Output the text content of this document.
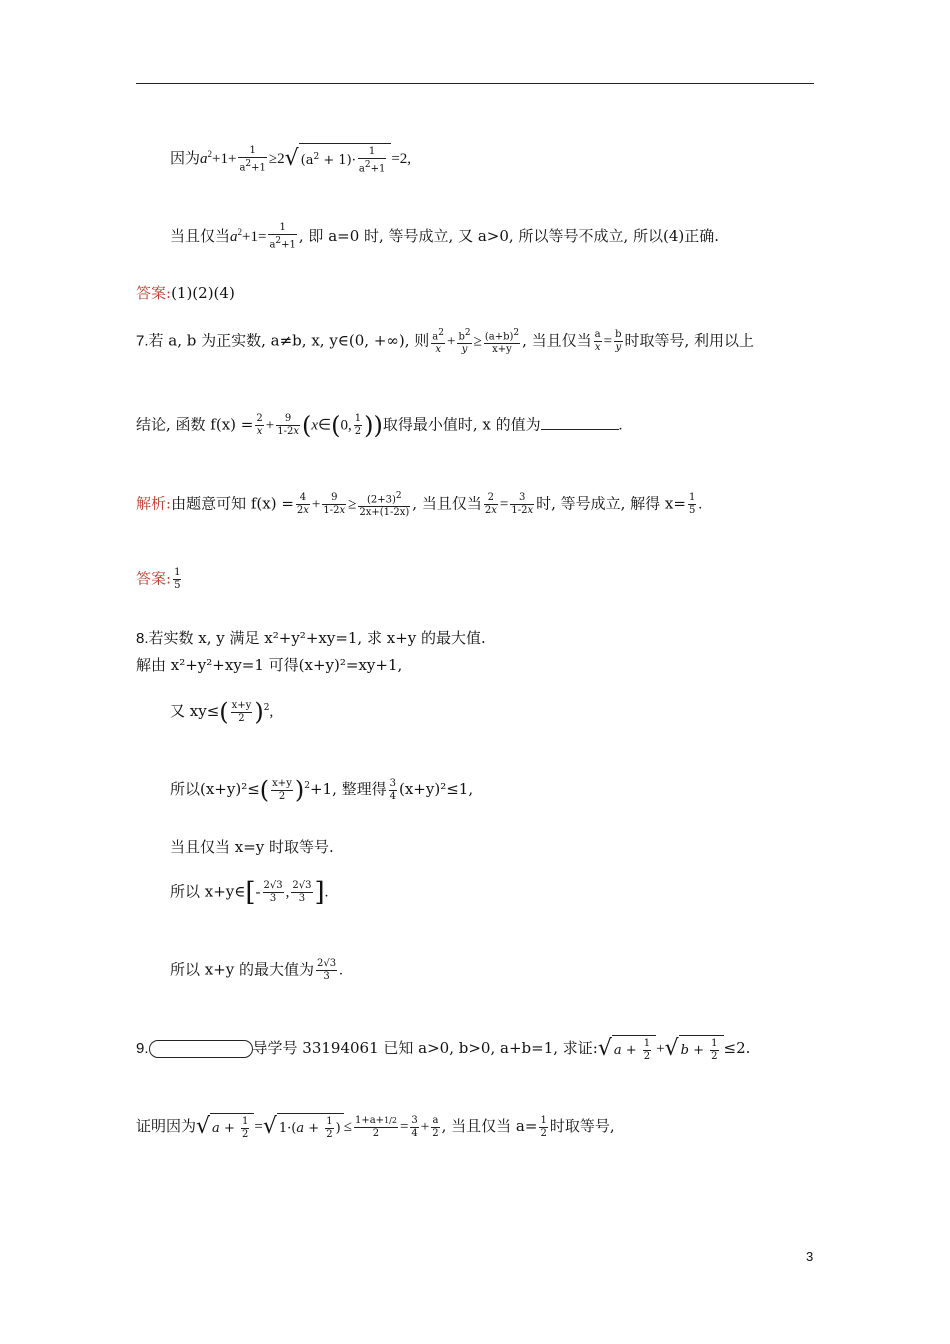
因为$a^2+1+ \frac{1}{a^2+1} \ge 2√$ $(a^2 + 1)\cdot \frac{1}{a^2+1} =2$,
当且仅当$a^2+1= \frac{1}{a^2+1}$ , 即 a=0 时, 等号成立, 又 a>0, 所以等号不成立, 所以(4)正确.
答案:(1)(2)(4)
7.若 a, b 为正实数, a≠b, x, y∈(0, +∞), 则 $\frac{a^2}{x} + \frac{b^2}{y} \ge \frac{(a+b)^2}{x+y}$ , 当且仅当 $\frac{a}{x} = \frac{b}{y}$ 时取等号, 利用以上
结论, 函数 $f(x) = \frac{2}{x} + \frac{9}{1-2x}$ (x∈(0, $\frac{1}{2}$ ))取得最小值时, x 的值为	.
解析:由题意可知 $f(x) = \frac{4}{2x} + \frac{9}{1-2x} \ge \frac{(2+3)^2}{2x+(1-2x)}$ , 当且仅当 $\frac{2}{2x} = \frac{3}{1-2x}$ 时, 等号成立, 解得 $x= \frac{1}{5}$ .
答案: $\frac{1}{5}$
8.若实数 x, y 满足 x²+y²+xy=1, 求 x+y 的最大值.
解由 x²+y²+xy=1 可得(x+y)²=xy+1,
又 $xy\le( \frac{x+y}{2} )^2$,
所以$(x+y)^2\le( \frac{x+y}{2} )^2+1$, 整理得 $\frac{3}{4} (x+y)^2\le 1$,
当且仅当 x=y 时取等号.
所以 x+y∈[- $\frac{2√3}{3}$ , $\frac{2√3}{3}$ ].
所以 x+y 的最大值为 $\frac{2√3}{3}$ .
9.	导学号 33194061 已知 a>0, b>0, a+b=1, 求证:√ $a + \frac{1}{2}$ +√ $b + \frac{1}{2} \le 2$.
证明因为√ $a + \frac{1}{2}$ =√ $1\cdot(a + \frac{1}{2}$ ) ≤ $\frac{1+a+1/2}{2} = \frac{3}{4} + \frac{a}{2}$ , 当且仅当 $a= \frac{1}{2}$ 时取等号,
3
